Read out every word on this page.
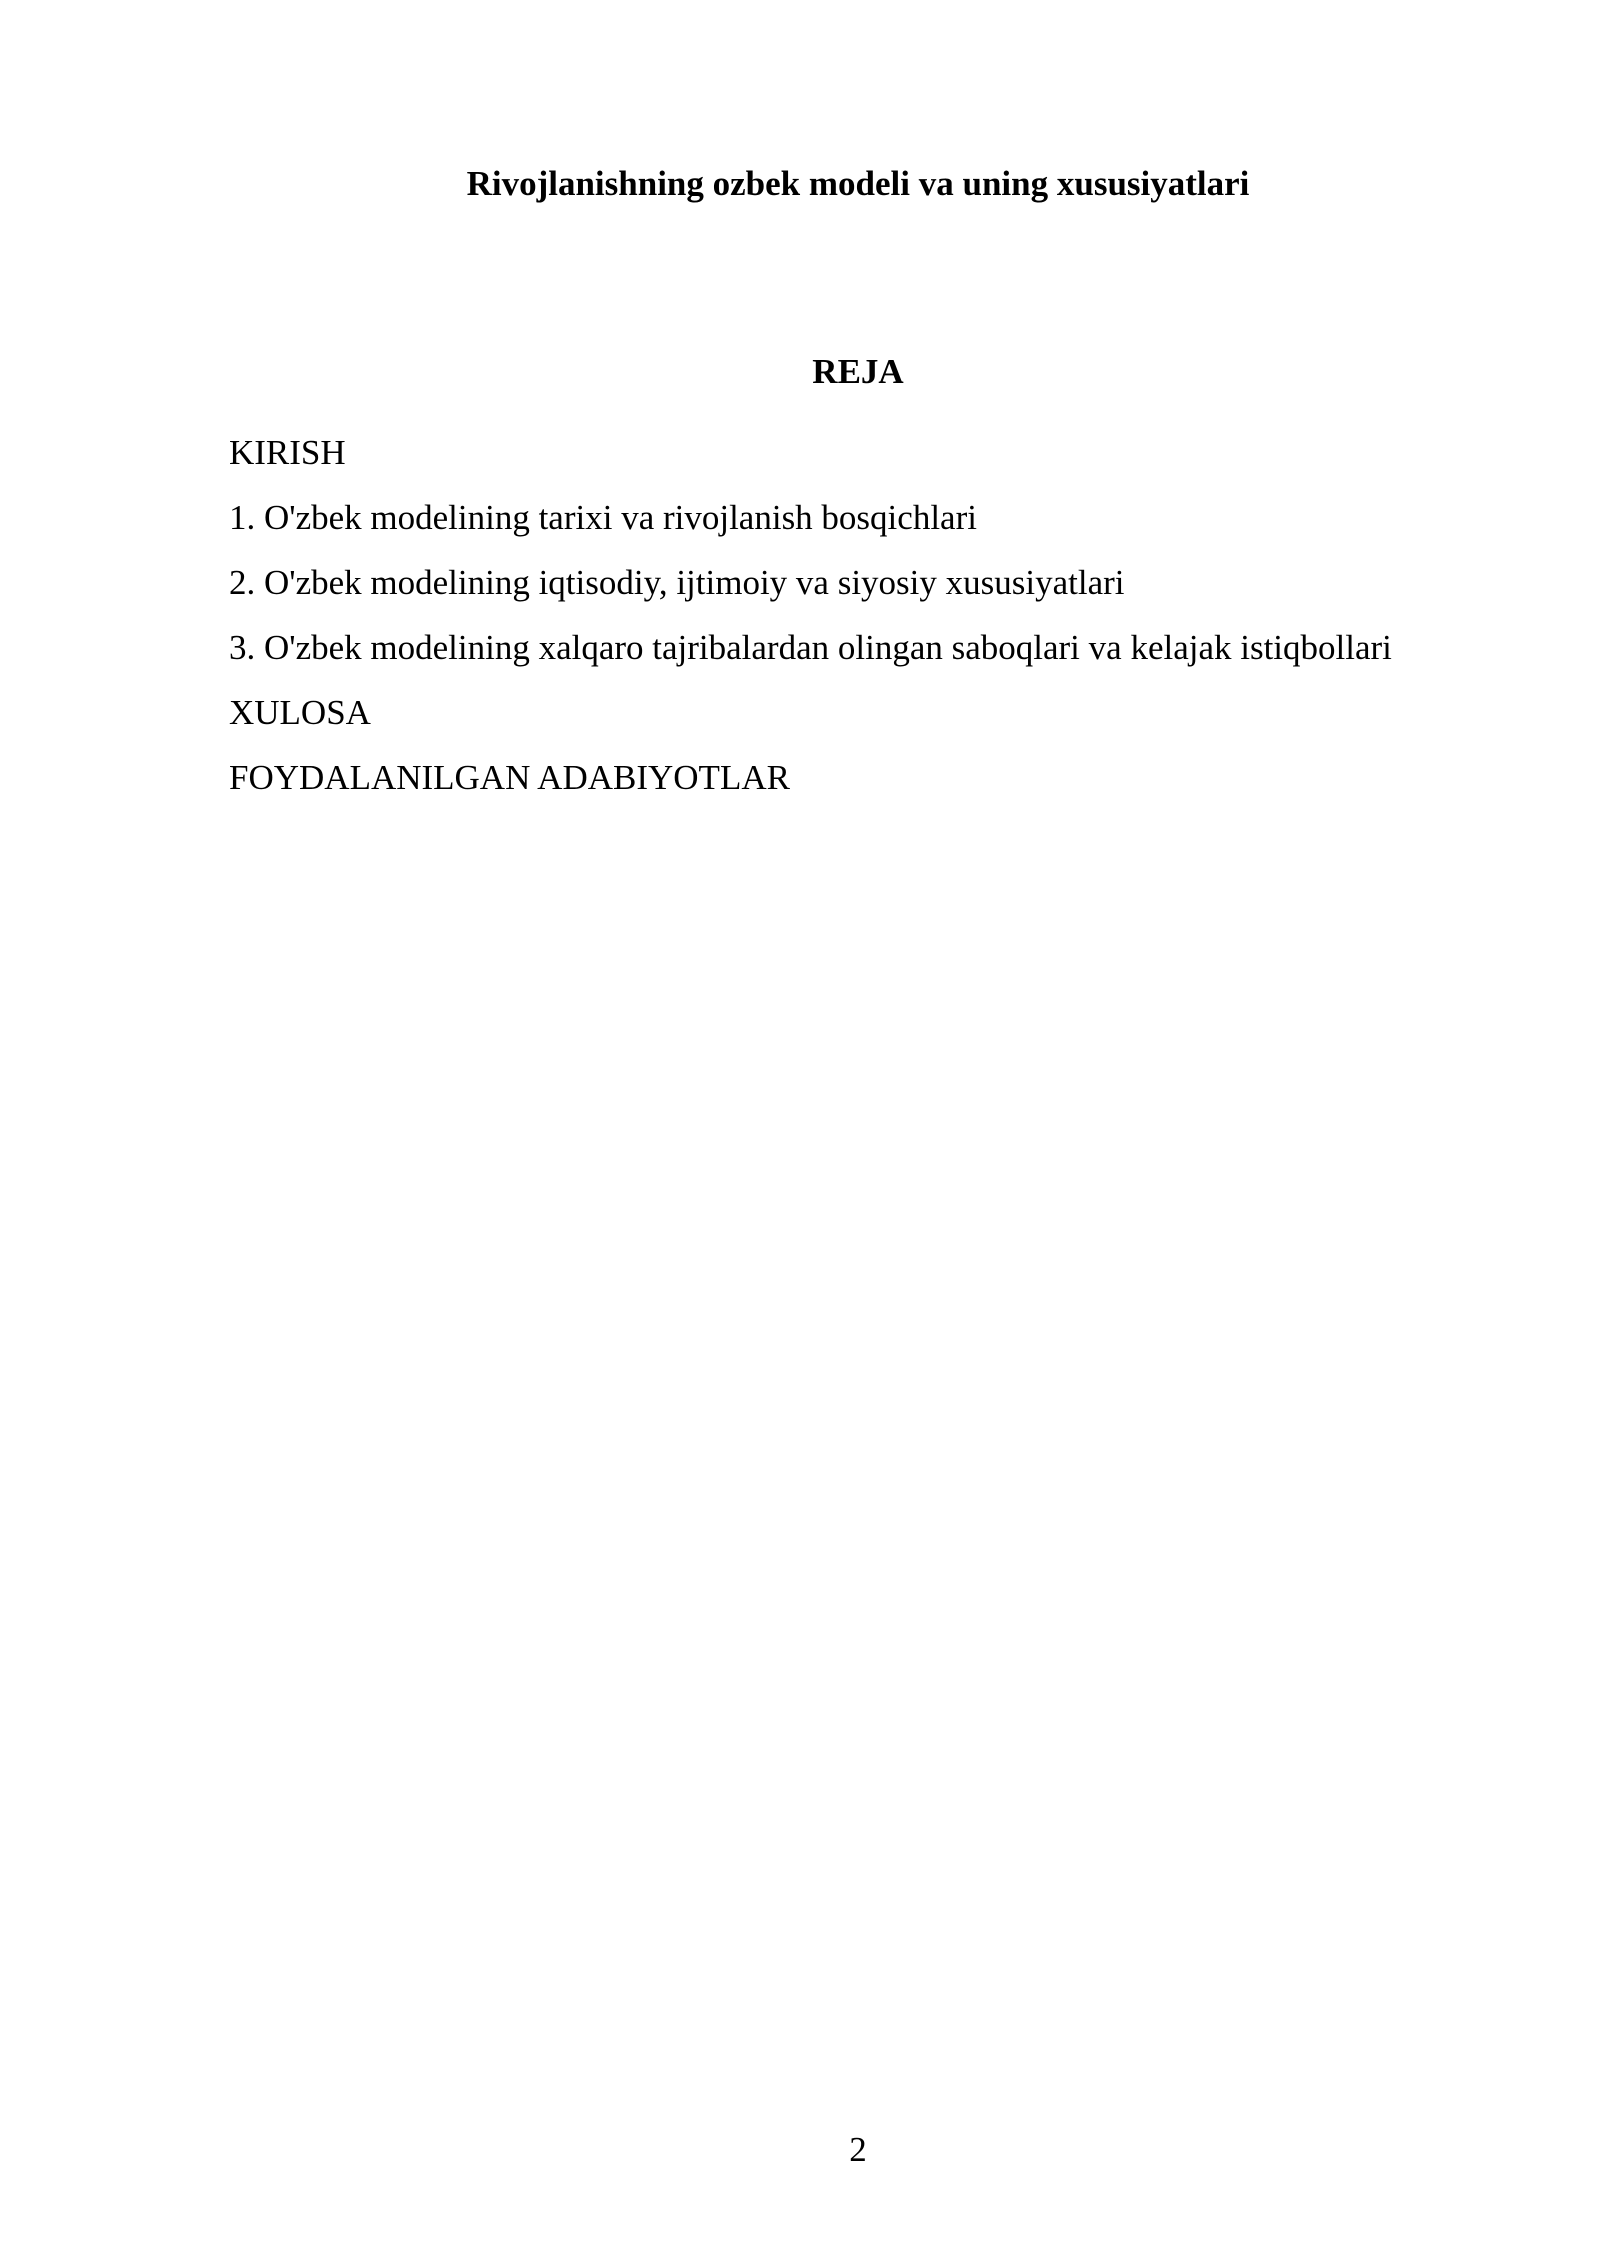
Rivojlanishning ozbek modeli va uning xususiyatlari
REJA
KIRISH
1. O'zbek modelining tarixi va rivojlanish bosqichlari
2. O'zbek modelining iqtisodiy, ijtimoiy va siyosiy xususiyatlari
3. O'zbek modelining xalqaro tajribalardan olingan saboqlari va kelajak istiqbollari
XULOSA
FOYDALANILGAN ADABIYOTLAR
2
